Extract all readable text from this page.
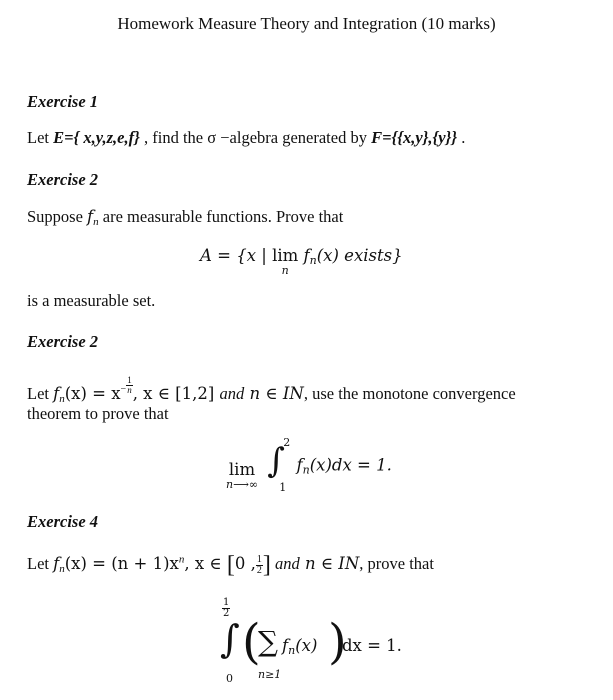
Homework Measure Theory and Integration (10 marks)
Exercise 1
Let E={ x,y,z,e,f} , find the σ −algebra generated by F={{x,y},{y}} .
Exercise 2
Suppose $f_n$ are measurable functions. Prove that
A = {x | lim
n
$f_n(x)$ exists}
is a measurable set.
Exercise 2
Let $f_n(x) = x^- \frac{1}{n}$ , x ∈ [1,2] and n ∈ IN, use the monotone convergence
theorem to prove that
lim
n⟶∞

∫
2
1
$f_n(x)dx = 1$.
Exercise 4
Let $f_n(x) = (n + 1)x^n$, x ∈ [0 , $\frac{1}{2}$ ] and n ∈ IN, prove that
$\frac{1}{2}$
∫
0
(
∑
n≥1
$f_n(x)$ )
dx = 1.
